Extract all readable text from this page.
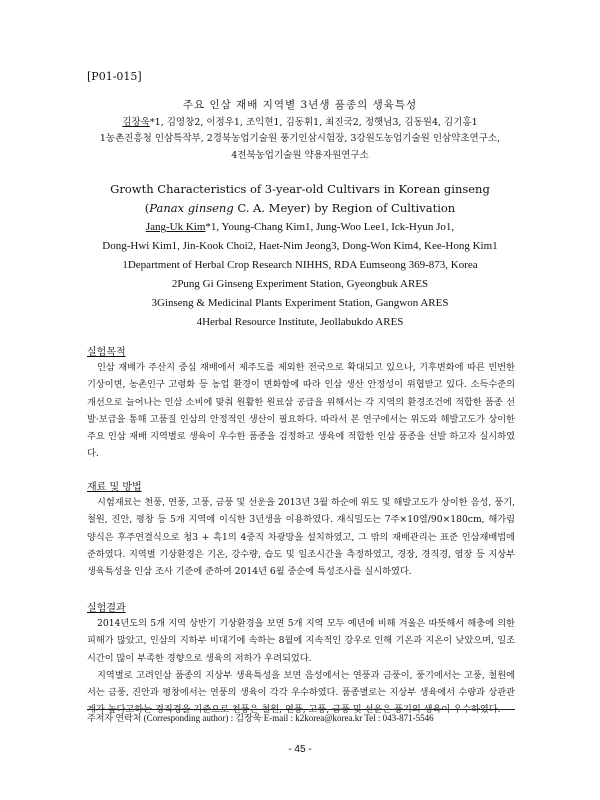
[P01-015]
주요 인삼 재배 지역별 3년생 품종의 생육특성
김장욱*1, 김영창2, 이정우1, 조익현1, 김동휘1, 최진국2, 정햇님3, 김동원4, 김기홍1
1농촌진흥청 인삼특작부, 2경북농업기술원 풍기인삼시험장, 3강원도농업기술원 인삼약초연구소,
4전북농업기술원 약용자원연구소
Growth Characteristics of 3-year-old Cultivars in Korean ginseng
(Panax ginseng C. A. Meyer) by Region of Cultivation
Jang-Uk Kim*1, Young-Chang Kim1, Jung-Woo Lee1, Ick-Hyun Jo1,
Dong-Hwi Kim1, Jin-Kook Choi2, Haet-Nim Jeong3, Dong-Won Kim4, Kee-Hong Kim1
1Department of Herbal Crop Research NIHHS, RDA Eumseong 369-873, Korea
2Pung Gi Ginseng Experiment Station, Gyeongbuk ARES
3Ginseng & Medicinal Plants Experiment Station, Gangwon ARES
4Herbal Resource Institute, Jeollabukdo ARES
실험목적

인삼 재배가 주산지 중심 재배에서 제주도를 제외한 전국으로 확대되고 있으나, 기후변화에 따른 빈번한 기상이변, 농촌인구 고령화 등 농업 환경이 변화함에 따라 인삼 생산 안정성이 위협받고 있다. 소득수준의 개선으로 늘어나는 인삼 소비에 맞춰 원활한 원료삼 공급을 위해서는 각 지역의 환경조건에 적합한 품종 선발·보급을 통해 고품질 인삼의 안정적인 생산이 필요하다. 따라서 본 연구에서는 위도와 해발고도가 상이한 주요 인삼 재배 지역별로 생육이 우수한 품종을 검정하고 생육에 적합한 인삼 품종을 선발 하고자 실시하였다.

재료 및 방법

시험재료는 천풍, 연풍, 고풍, 금풍 및 선운을 2013년 3월 하순에 위도 및 해발고도가 상이한 음성, 풍기, 철원, 진안, 평창 등 5개 지역에 이식한 3년생을 이용하였다. 재식밀도는 7주×10열/90×180cm, 해가림 양식은 후주연결식으로 청3 + 흑1의 4중직 차광망을 설치하였고, 그 밖의 재배관리는 표준 인삼재배법에 준하였다. 지역별 기상환경은 기온, 강수량, 습도 및 일조시간을 측정하였고, 경장, 경직경, 엽장 등 지상부 생육특성을 인삼 조사 기준에 준하여 2014년 6월 중순에 특성조사를 실시하였다.

실험결과

2014년도의 5개 지역 상반기 기상환경을 보면 5개 지역 모두 예년에 비해 겨울은 따뜻해서 해충에 의한 피해가 많았고, 인삼의 지하부 비대기에 속하는 8월에 지속적인 강우로 인해 기온과 지온이 낮았으며, 일조시간이 많이 부족한 경향으로 생육의 저하가 우려되었다.

지역별로 고려인삼 품종의 지상부 생육특성을 보면 음성에서는 연풍과 금풍이, 풍기에서는 고풍, 철원에서는 금풍, 진안과 평창에서는 연풍의 생육이 각각 우수하였다. 품종별로는 지상부 생육에서 수량과 상관관계가 높다고하는 경직경을 기준으로 천풍은 철원, 연풍, 고풍, 금풍 및 선운은 풍기의 생육이 우수하였다.

주저자 연락처 (Corresponding author) : 김장욱 E-mail : k2korea@korea.kr Tel : 043-871-5546
- 45 -
